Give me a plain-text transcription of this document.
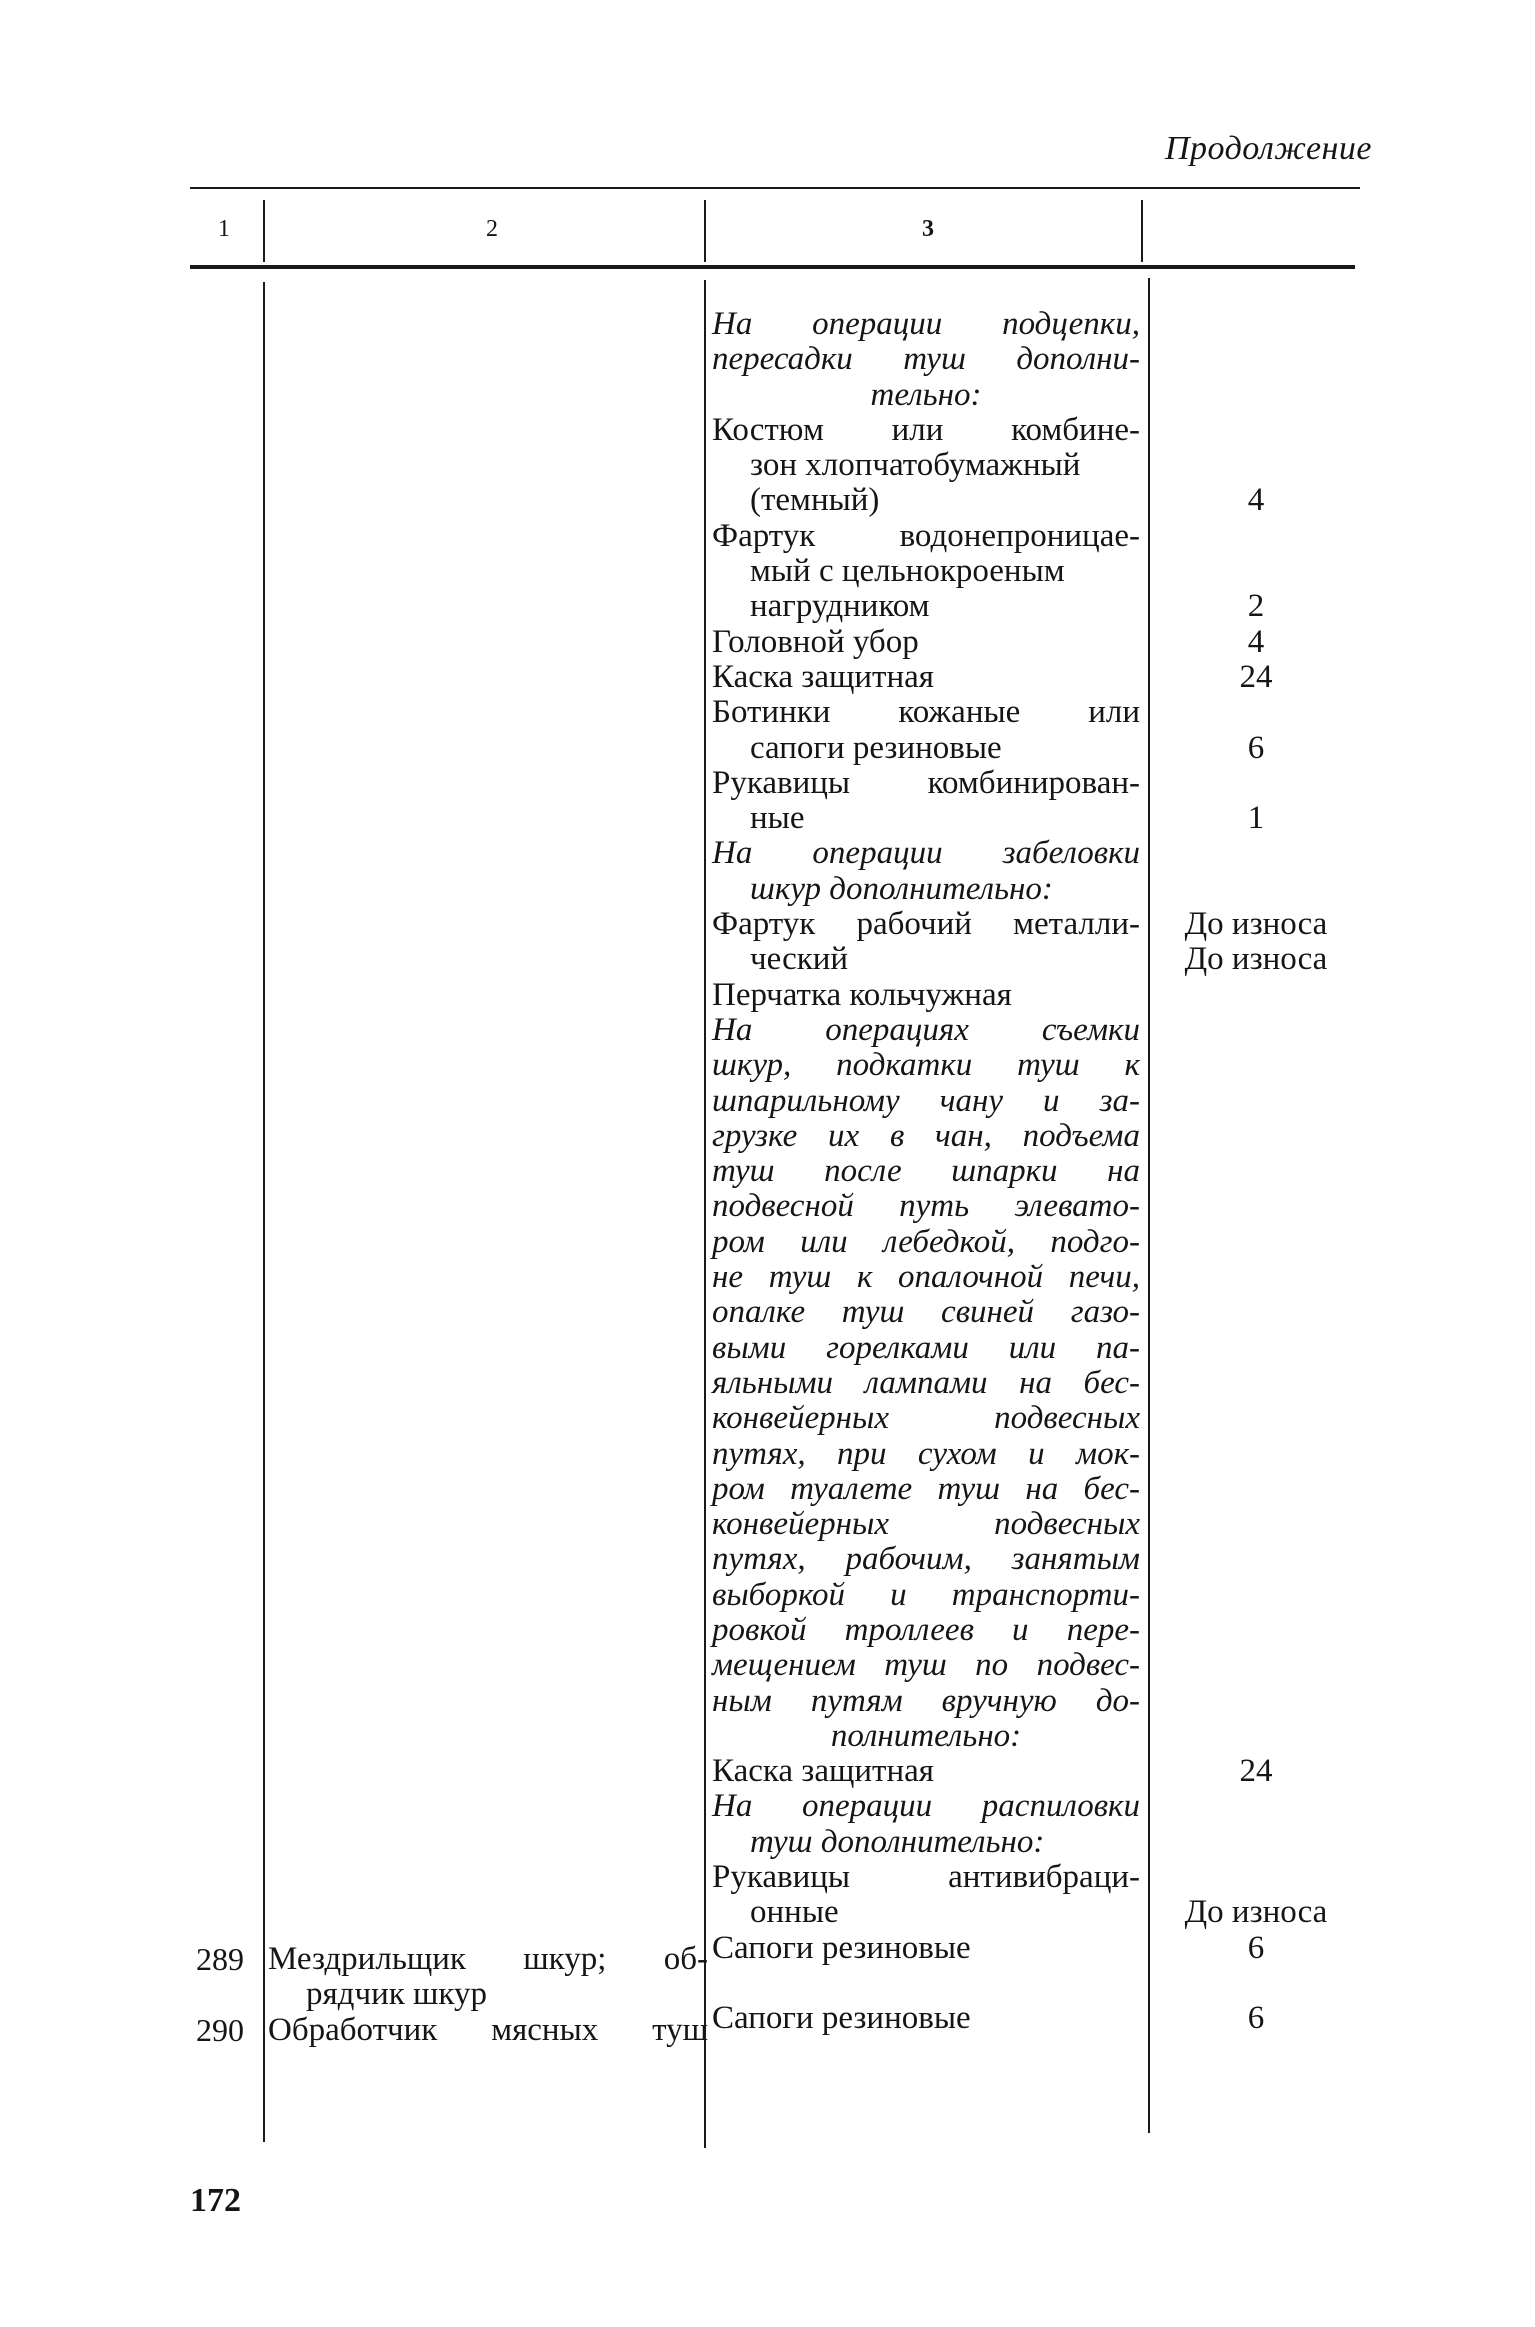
Продолжение
1	2	3
На операции подцепки,
пересадки туш дополни-
тельно:
Костюм или комбине-
зон хлопчатобумажный
(темный)
Фартук водонепроницае-
мый с цельнокроеным
нагрудником
Головной убор
Каска защитная
Ботинки кожаные или
сапоги резиновые
Рукавицы комбинирован-
ные
На операции забеловки
шкур дополнительно:
Фартук рабочий металли-
ческий
Перчатка кольчужная
На операциях съемки
шкур, подкатки туш к
шпарильному чану и за-
грузке их в чан, подъема
туш после шпарки на
подвесной путь элевато-
ром или лебедкой, подго-
не туш к опалочной печи,
опалке туш свиней газо-
выми горелками или па-
яльными лампами на бес-
конвейерных подвесных
путях, при сухом и мок-
ром туалете туш на бес-
конвейерных подвесных
путях, рабочим, занятым
выборкой и транспорти-
ровкой троллеев и пере-
мещением туш по подвес-
ным путям вручную до-
полнительно:
Каска защитная
На операции распиловки
туш дополнительно:
Рукавицы антивибраци-
онные
Сапоги резиновые
Сапоги резиновые
4
2
4
24
6
1
До износа
До износа
24
До износа
6
6
289
290
Мездрильщик шкур; об-
рядчик шкур
Обработчик мясных туш
172
